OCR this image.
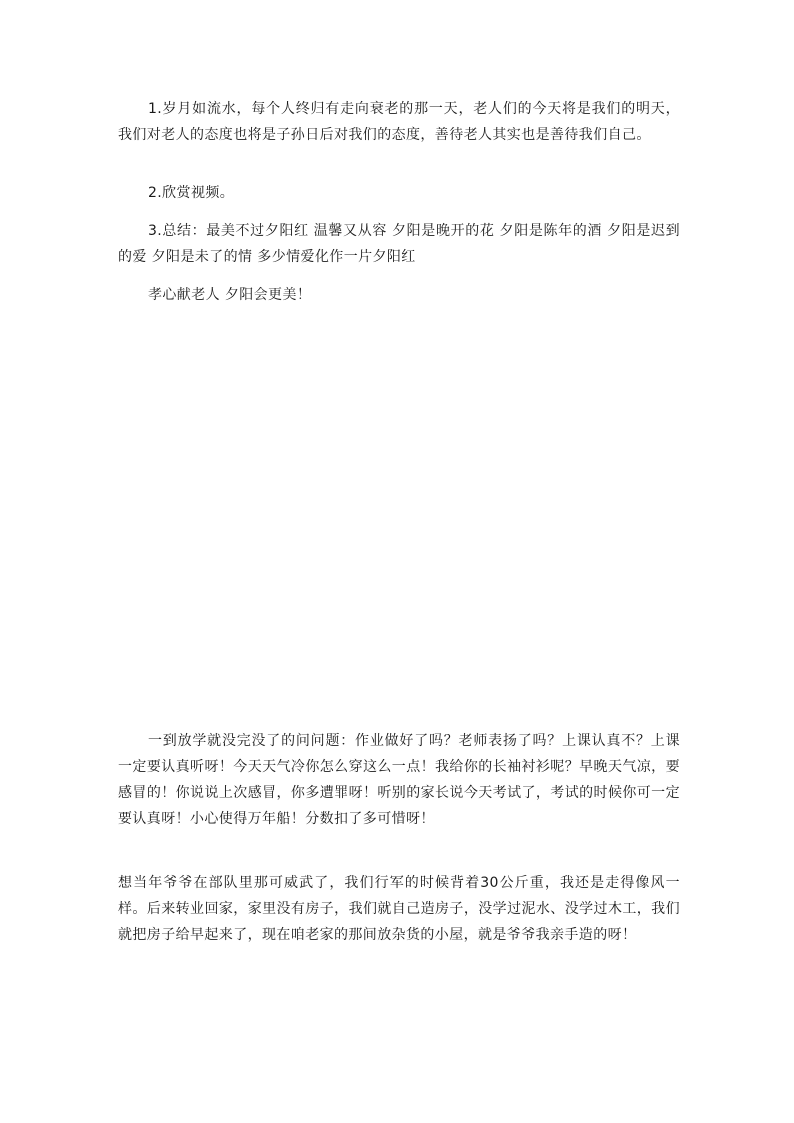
1.岁月如流水，每个人终归有走向衰老的那一天，老人们的今天将是我们的明天，我们对老人的态度也将是子孙日后对我们的态度，善待老人其实也是善待我们自己。

2.欣赏视频。

3.总结：最美不过夕阳红 温馨又从容 夕阳是晚开的花 夕阳是陈年的酒 夕阳是迟到的爱 夕阳是未了的情 多少情爱化作一片夕阳红

孝心献老人 夕阳会更美！

一到放学就没完没了的问问题：作业做好了吗？老师表扬了吗？上课认真不？上课一定要认真听呀！今天天气冷你怎么穿这么一点！我给你的长袖衬衫呢？早晚天气凉，要感冒的！你说说上次感冒，你多遭罪呀！听别的家长说今天考试了，考试的时候你可一定要认真呀！小心使得万年船！分数扣了多可惜呀！

想当年爷爷在部队里那可威武了，我们行军的时候背着30公斤重，我还是走得像风一样。后来转业回家，家里没有房子，我们就自己造房子，没学过泥水、没学过木工，我们就把房子给早起来了，现在咱老家的那间放杂货的小屋，就是爷爷我亲手造的呀！
